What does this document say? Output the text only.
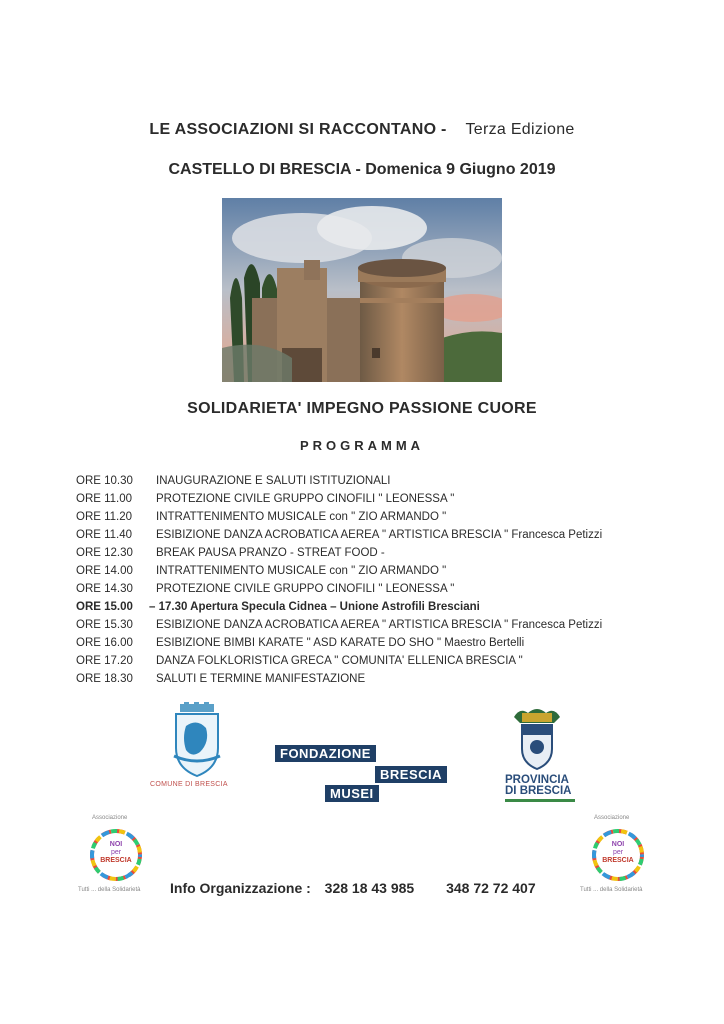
LE ASSOCIAZIONI SI RACCONTANO - Terza Edizione
CASTELLO DI BRESCIA - Domenica 9 Giugno 2019
SOLIDARIETA' IMPEGNO PASSIONE CUORE
PROGRAMMA
ORE 10.30 INAUGURAZIONE E SALUTI ISTITUZIONALI
ORE 11.00 PROTEZIONE CIVILE GRUPPO CINOFILI " LEONESSA "
ORE 11.20 INTRATTENIMENTO MUSICALE con " ZIO ARMANDO "
ORE 11.40 ESIBIZIONE DANZA ACROBATICA AEREA " ARTISTICA BRESCIA " Francesca Petizzi
ORE 12.30 BREAK PAUSA PRANZO - STREAT FOOD -
ORE 14.00 INTRATTENIMENTO MUSICALE con " ZIO ARMANDO "
ORE 14.30 PROTEZIONE CIVILE GRUPPO CINOFILI " LEONESSA "
ORE 15.00 – 17.30 Apertura Specula Cidnea – Unione Astrofili Bresciani
ORE 15.30 ESIBIZIONE DANZA ACROBATICA AEREA " ARTISTICA BRESCIA " Francesca Petizzi
ORE 16.00 ESIBIZIONE BIMBI KARATE " ASD KARATE DO SHO " Maestro Bertelli
ORE 17.20 DANZA FOLKLORISTICA GRECA " COMUNITA' ELLENICA BRESCIA "
ORE 18.30 SALUTI E TERMINE MANIFESTAZIONE
COMUNE DI BRESCIA
FONDAZIONE
BRESCIA
MUSEI
PROVINCIA
DI BRESCIA
Associazione
NOI
per
BRESCIA
Tutti ... della Solidarietà
Associazione
NOI
per
BRESCIA
Tutti ... della Solidarietà
Info Organizzazione : 328 18 43 985 348 72 72 407
